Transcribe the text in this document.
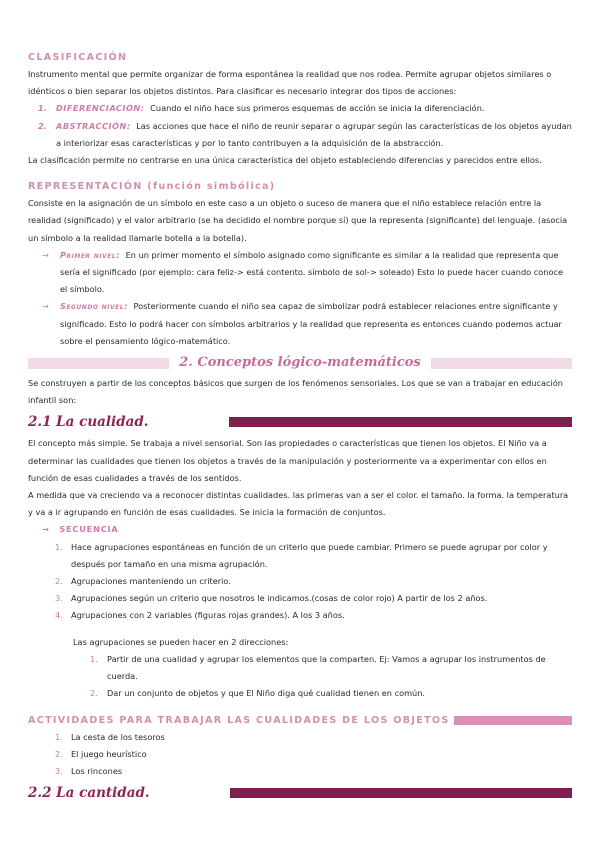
CLASIFICACIÓN

Instrumento mental que permite organizar de forma espontánea la realidad que nos rodea. Permite agrupar objetos similares o idénticos o bien separar los objetos distintos. Para clasificar es necesario integrar dos tipos de acciones:

1. DIFERENCIACIÓN: Cuando el niño hace sus primeros esquemas de acción se inicia la diferenciación.
2. ABSTRACCIÓN: Las acciones que hace el niño de reunir separar o agrupar según las características de los objetos ayudan a interiorizar esas características y por lo tanto contribuyen a la adquisición de la abstracción.

La clasificación permite no centrarse en una única característica del objeto estableciendo diferencias y parecidos entre ellos.

REPRESENTACIÓN (función simbólica)

Consiste en la asignación de un símbolo en este caso a un objeto o suceso de manera que el niño establece relación entre la realidad (significado) y el valor arbitrario (se ha decidido el nombre porque sí) que la representa (significante) del lenguaje. (asocia un símbolo a la realidad llamarle botella a la botella).

→ Primer nivel: En un primer momento el símbolo asignado como significante es similar a la realidad que representa que sería el significado (por ejemplo: cara feliz-> está contento. símbolo de sol-> soleado) Esto lo puede hacer cuando conoce el símbolo.
→ Segundo nivel: Posteriormente cuando el niño sea capaz de simbolizar podrá establecer relaciones entre significante y significado. Esto lo podrá hacer con símbolos arbitrarios y la realidad que representa es entonces cuando podemos actuar sobre el pensamiento lógico-matemático.
2. Conceptos lógico-matemáticos

Se construyen a partir de los conceptos básicos que surgen de los fenómenos sensoriales. Los que se van a trabajar en educación infantil son:

2.1 La cualidad.

El concepto más simple. Se trabaja a nivel sensorial. Son las propiedades o características que tienen los objetos. El Niño va a determinar las cualidades que tienen los objetos a través de la manipulación y posteriormente va a experimentar con ellos en función de esas cualidades a través de los sentidos.

A medida que va creciendo va a reconocer distintas cualidades. las primeras van a ser el color. el tamaño. la forma. la temperatura y va a ir agrupando en función de esas cualidades. Se inicia la formación de conjuntos.

→ SECUENCIA
1. Hace agrupaciones espontáneas en función de un criterio que puede cambiar. Primero se puede agrupar por color y después por tamaño en una misma agrupación.
2. Agrupaciones manteniendo un criterio.
3. Agrupaciones según un criterio que nosotros le indicamos.(cosas de color rojo) A partir de los 2 años.
4. Agrupaciones con 2 variables (figuras rojas grandes). A los 3 años.
Las agrupaciones se pueden hacer en 2 direcciones:
1. Partir de una cualidad y agrupar los elementos que la comparten. Ej: Vamos a agrupar los instrumentos de cuerda.
2. Dar un conjunto de objetos y que El Niño diga qué cualidad tienen en común.
ACTIVIDADES PARA TRABAJAR LAS CUALIDADES DE LOS OBJETOS
1. La cesta de los tesoros
2. El juego heurístico
3. Los rincones
2.2 La cantidad.
